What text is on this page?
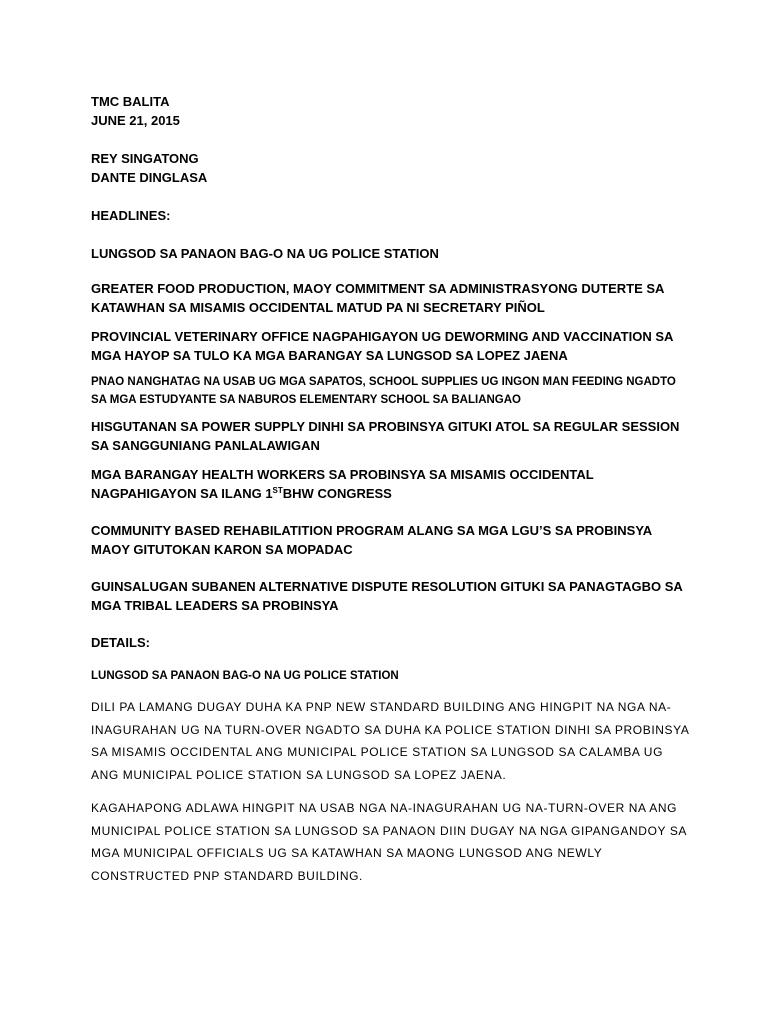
TMC BALITA
JUNE 21, 2015
REY SINGATONG
DANTE DINGLASA
HEADLINES:
LUNGSOD SA PANAON BAG-O NA UG POLICE STATION
GREATER FOOD PRODUCTION, MAOY COMMITMENT SA ADMINISTRASYONG DUTERTE SA KATAWHAN SA MISAMIS OCCIDENTAL MATUD PA NI SECRETARY PIÑOL
PROVINCIAL VETERINARY OFFICE NAGPAHIGAYON UG DEWORMING AND VACCINATION SA MGA HAYOP SA TULO KA MGA BARANGAY SA LUNGSOD SA LOPEZ JAENA
PNAO NANGHATAG NA USAB UG MGA SAPATOS, SCHOOL SUPPLIES UG INGON MAN FEEDING NGADTO SA MGA ESTUDYANTE SA NABUROS ELEMENTARY SCHOOL SA BALIANGAO
HISGUTANAN SA POWER SUPPLY DINHI SA PROBINSYA GITUKI ATOL SA REGULAR SESSION SA SANGGUNIANG PANLALAWIGAN
MGA BARANGAY HEALTH WORKERS SA PROBINSYA SA MISAMIS OCCIDENTAL NAGPAHIGAYON SA ILANG 1STBHW CONGRESS
COMMUNITY BASED REHABILATITION PROGRAM ALANG SA MGA LGU’S SA PROBINSYA MAOY GITUTOKAN KARON SA MOPADAC
GUINSALUGAN SUBANEN ALTERNATIVE DISPUTE RESOLUTION GITUKI SA PANAGTAGBO SA MGA TRIBAL LEADERS SA PROBINSYA
DETAILS:
LUNGSOD SA PANAON BAG-O NA UG POLICE STATION
DILI PA LAMANG DUGAY DUHA KA PNP NEW STANDARD BUILDING ANG HINGPIT NA NGA NA-INAGURAHAN UG NA TURN-OVER NGADTO SA DUHA KA POLICE STATION DINHI SA PROBINSYA SA MISAMIS OCCIDENTAL ANG MUNICIPAL POLICE STATION SA LUNGSOD SA CALAMBA UG ANG MUNICIPAL POLICE STATION SA LUNGSOD SA LOPEZ JAENA.
KAGAHAPONG ADLAWA HINGPIT NA USAB NGA NA-INAGURAHAN UG NA-TURN-OVER NA ANG MUNICIPAL POLICE STATION SA LUNGSOD SA PANAON DIIN DUGAY NA NGA GIPANGANDOY SA MGA MUNICIPAL OFFICIALS UG SA KATAWHAN SA MAONG LUNGSOD ANG NEWLY CONSTRUCTED PNP STANDARD BUILDING.
